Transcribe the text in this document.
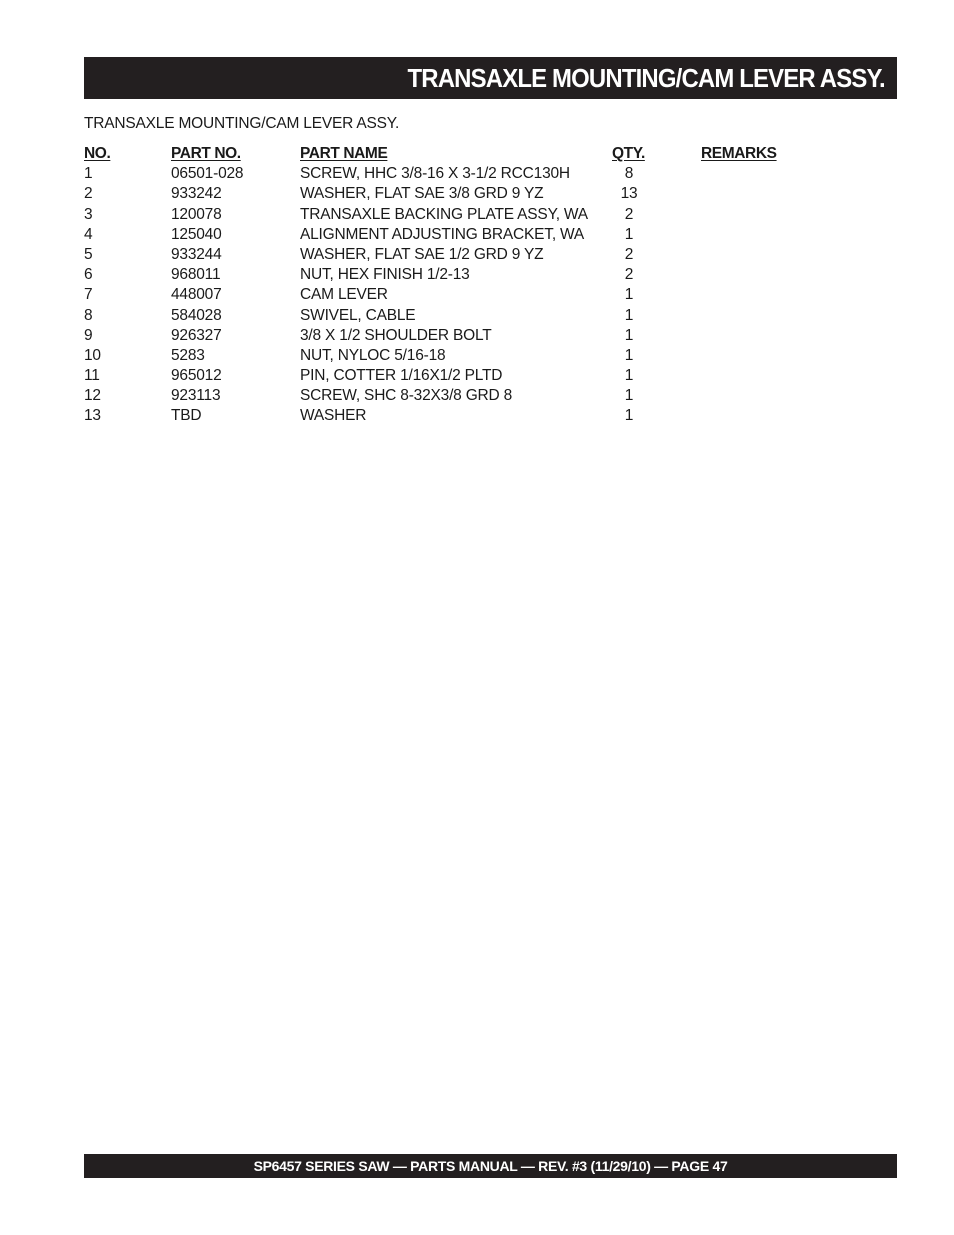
TRANSAXLE MOUNTING/CAM LEVER ASSY.
TRANSAXLE MOUNTING/CAM LEVER ASSY.
NO.	PART NO.	PART NAME	QTY.	REMARKS
1	06501-028	SCREW, HHC 3/8-16 X 3-1/2 RCC130H	8
2	933242	WASHER, FLAT SAE 3/8 GRD 9 YZ	13
3	120078	TRANSAXLE BACKING PLATE ASSY, WA	2
4	125040	ALIGNMENT ADJUSTING BRACKET, WA	1
5	933244	WASHER, FLAT SAE 1/2 GRD 9 YZ	2
6	968011	NUT, HEX FINISH 1/2-13	2
7	448007	CAM LEVER	1
8	584028	SWIVEL, CABLE	1
9	926327	3/8 X 1/2 SHOULDER BOLT	1
10	5283	NUT, NYLOC 5/16-18	1
11	965012	PIN, COTTER 1/16X1/2 PLTD	1
12	923113	SCREW, SHC 8-32X3/8 GRD 8	1
13	TBD	WASHER	1
SP6457 SERIES SAW — PARTS MANUAL — REV. #3 (11/29/10) — PAGE 47
